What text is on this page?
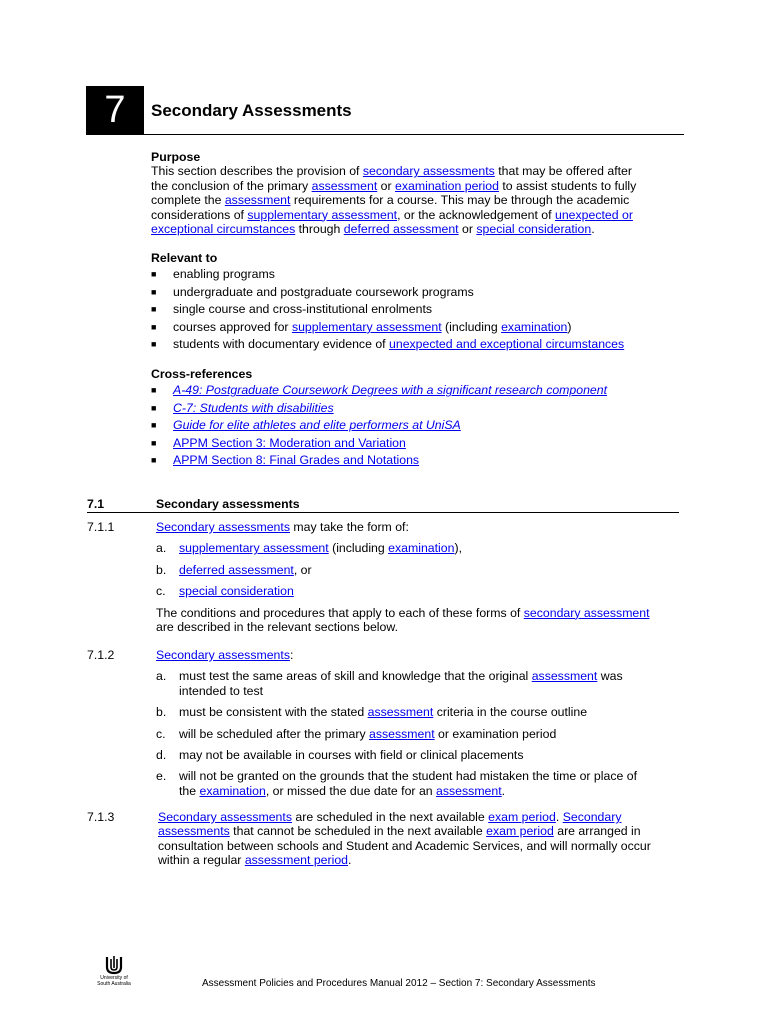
7	Secondary Assessments
Purpose
This section describes the provision of secondary assessments that may be offered after
the conclusion of the primary assessment or examination period to assist students to fully
complete the assessment requirements for a course. This may be through the academic
considerations of supplementary assessment, or the acknowledgement of unexpected or
exceptional circumstances through deferred assessment or special consideration.
Relevant to
■ enabling programs
■ undergraduate and postgraduate coursework programs
■ single course and cross-institutional enrolments
■ courses approved for supplementary assessment (including examination)
■ students with documentary evidence of unexpected and exceptional circumstances
Cross-references
■ A-49: Postgraduate Coursework Degrees with a significant research component
■ C-7: Students with disabilities
■ Guide for elite athletes and elite performers at UniSA
■ APPM Section 3: Moderation and Variation
■ APPM Section 8: Final Grades and Notations
7.1	Secondary assessments
7.1.1	Secondary assessments may take the form of:
a. supplementary assessment (including examination),
b. deferred assessment, or
c. special consideration
The conditions and procedures that apply to each of these forms of secondary assessment
are described in the relevant sections below.
7.1.2	Secondary assessments:
a. must test the same areas of skill and knowledge that the original assessment was
intended to test
b. must be consistent with the stated assessment criteria in the course outline
c. will be scheduled after the primary assessment or examination period
d. may not be available in courses with field or clinical placements
e. will not be granted on the grounds that the student had mistaken the time or place of
the examination, or missed the due date for an assessment.
7.1.3	Secondary assessments are scheduled in the next available exam period. Secondary
assessments that cannot be scheduled in the next available exam period are arranged in
consultation between schools and Student and Academic Services, and will normally occur
within a regular assessment period.
University of
South Australia	Assessment Policies and Procedures Manual 2012 – Section 7: Secondary Assessments
